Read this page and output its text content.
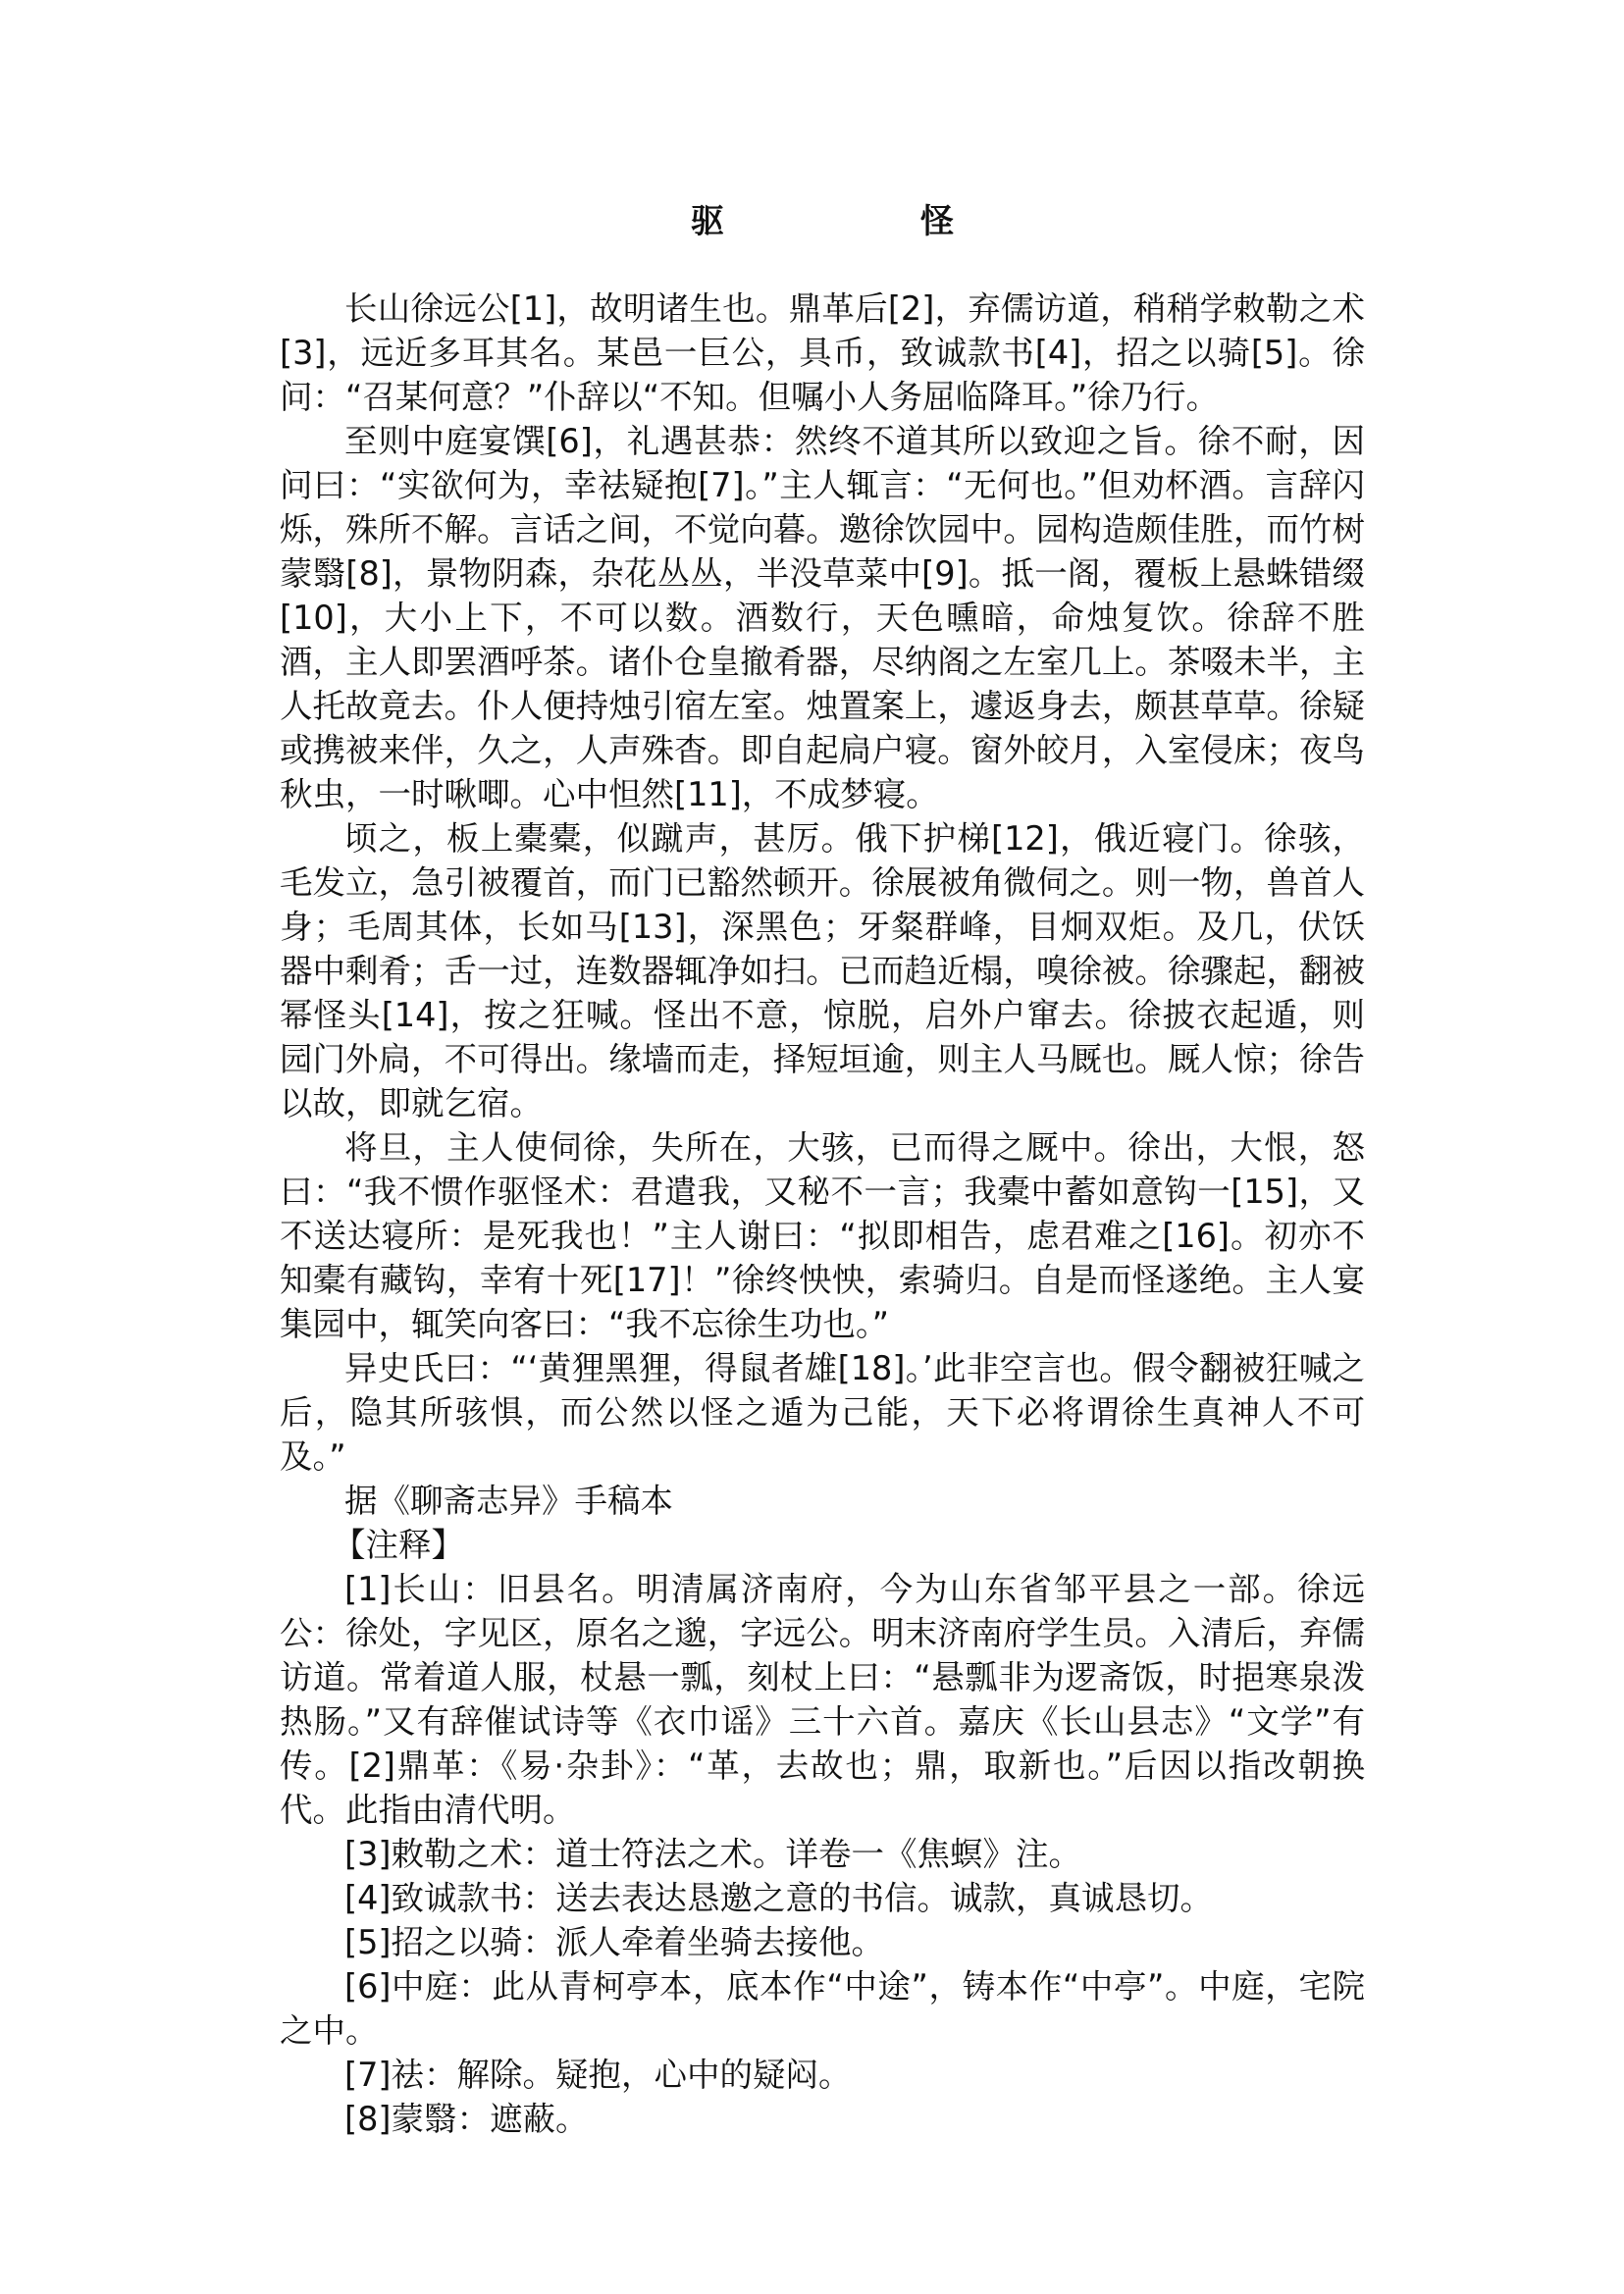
驱　　怪

长山徐远公[1]，故明诸生也。鼎革后[2]，弃儒访道，稍稍学敕勒之术[3]，远近多耳其名。某邑一巨公，具币，致诚款书[4]，招之以骑[5]。徐问：“召某何意？”仆辞以“不知。但嘱小人务屈临降耳。”徐乃行。

至则中庭宴馔[6]，礼遇甚恭：然终不道其所以致迎之旨。徐不耐，因问曰：“实欲何为，幸祛疑抱[7]。”主人辄言：“无何也。”但劝杯酒。言辞闪烁，殊所不解。言话之间，不觉向暮。邀徐饮园中。园构造颇佳胜，而竹树蒙翳[8]，景物阴森，杂花丛丛，半没草菜中[9]。抵一阁，覆板上悬蛛错缀[10]，大小上下，不可以数。酒数行，天色曛暗，命烛复饮。徐辞不胜酒，主人即罢酒呼茶。诸仆仓皇撤肴器，尽纳阁之左室几上。茶啜未半，主人托故竟去。仆人便持烛引宿左室。烛置案上，遽返身去，颇甚草草。徐疑或携被来伴，久之，人声殊杳。即自起扃户寝。窗外皎月，入室侵床；夜鸟秋虫，一时啾唧。心中怛然[11]，不成梦寝。

顷之，板上橐橐，似蹴声，甚厉。俄下护梯[12]，俄近寝门。徐骇，毛发立，急引被覆首，而门已豁然顿开。徐展被角微伺之。则一物，兽首人身；毛周其体，长如马[13]，深黑色；牙粲群峰，目炯双炬。及几，伏饫器中剩肴；舌一过，连数器辄净如扫。已而趋近榻，嗅徐被。徐骤起，翻被幂怪头[14]，按之狂喊。怪出不意，惊脱，启外户窜去。徐披衣起遁，则园门外扃，不可得出。缘墙而走，择短垣逾，则主人马厩也。厩人惊；徐告以故，即就乞宿。

将旦，主人使伺徐，失所在，大骇，已而得之厩中。徐出，大恨，怒曰：“我不惯作驱怪术：君遣我，又秘不一言；我橐中蓄如意钩一[15]，又不送达寝所：是死我也！”主人谢曰：“拟即相告，虑君难之[16]。初亦不知橐有藏钩，幸宥十死[17]！”徐终怏怏，索骑归。自是而怪遂绝。主人宴集园中，辄笑向客曰：“我不忘徐生功也。”

异史氏曰：“‘黄狸黑狸，得鼠者雄[18]。’此非空言也。假令翻被狂喊之后，隐其所骇惧，而公然以怪之遁为己能，天下必将谓徐生真神人不可及。”

据《聊斋志异》手稿本

【注释】

[1]长山：旧县名。明清属济南府，今为山东省邹平县之一部。徐远公：徐处，字见区，原名之邈，字远公。明末济南府学生员。入清后，弃儒访道。常着道人服，杖悬一瓢，刻杖上曰：“悬瓢非为逻斋饭，时挹寒泉泼热肠。”又有辞催试诗等《衣巾谣》三十六首。嘉庆《长山县志》“文学”有传。[2]鼎革：《易·杂卦》：“革，去故也；鼎，取新也。”后因以指改朝换代。此指由清代明。

[3]敕勒之术：道士符法之术。详卷一《焦螟》注。

[4]致诚款书：送去表达恳邀之意的书信。诚款，真诚恳切。

[5]招之以骑：派人牵着坐骑去接他。

[6]中庭：此从青柯亭本，底本作“中途”，铸本作“中亭”。中庭，宅院之中。

[7]祛：解除。疑抱，心中的疑闷。

[8]蒙翳：遮蔽。
